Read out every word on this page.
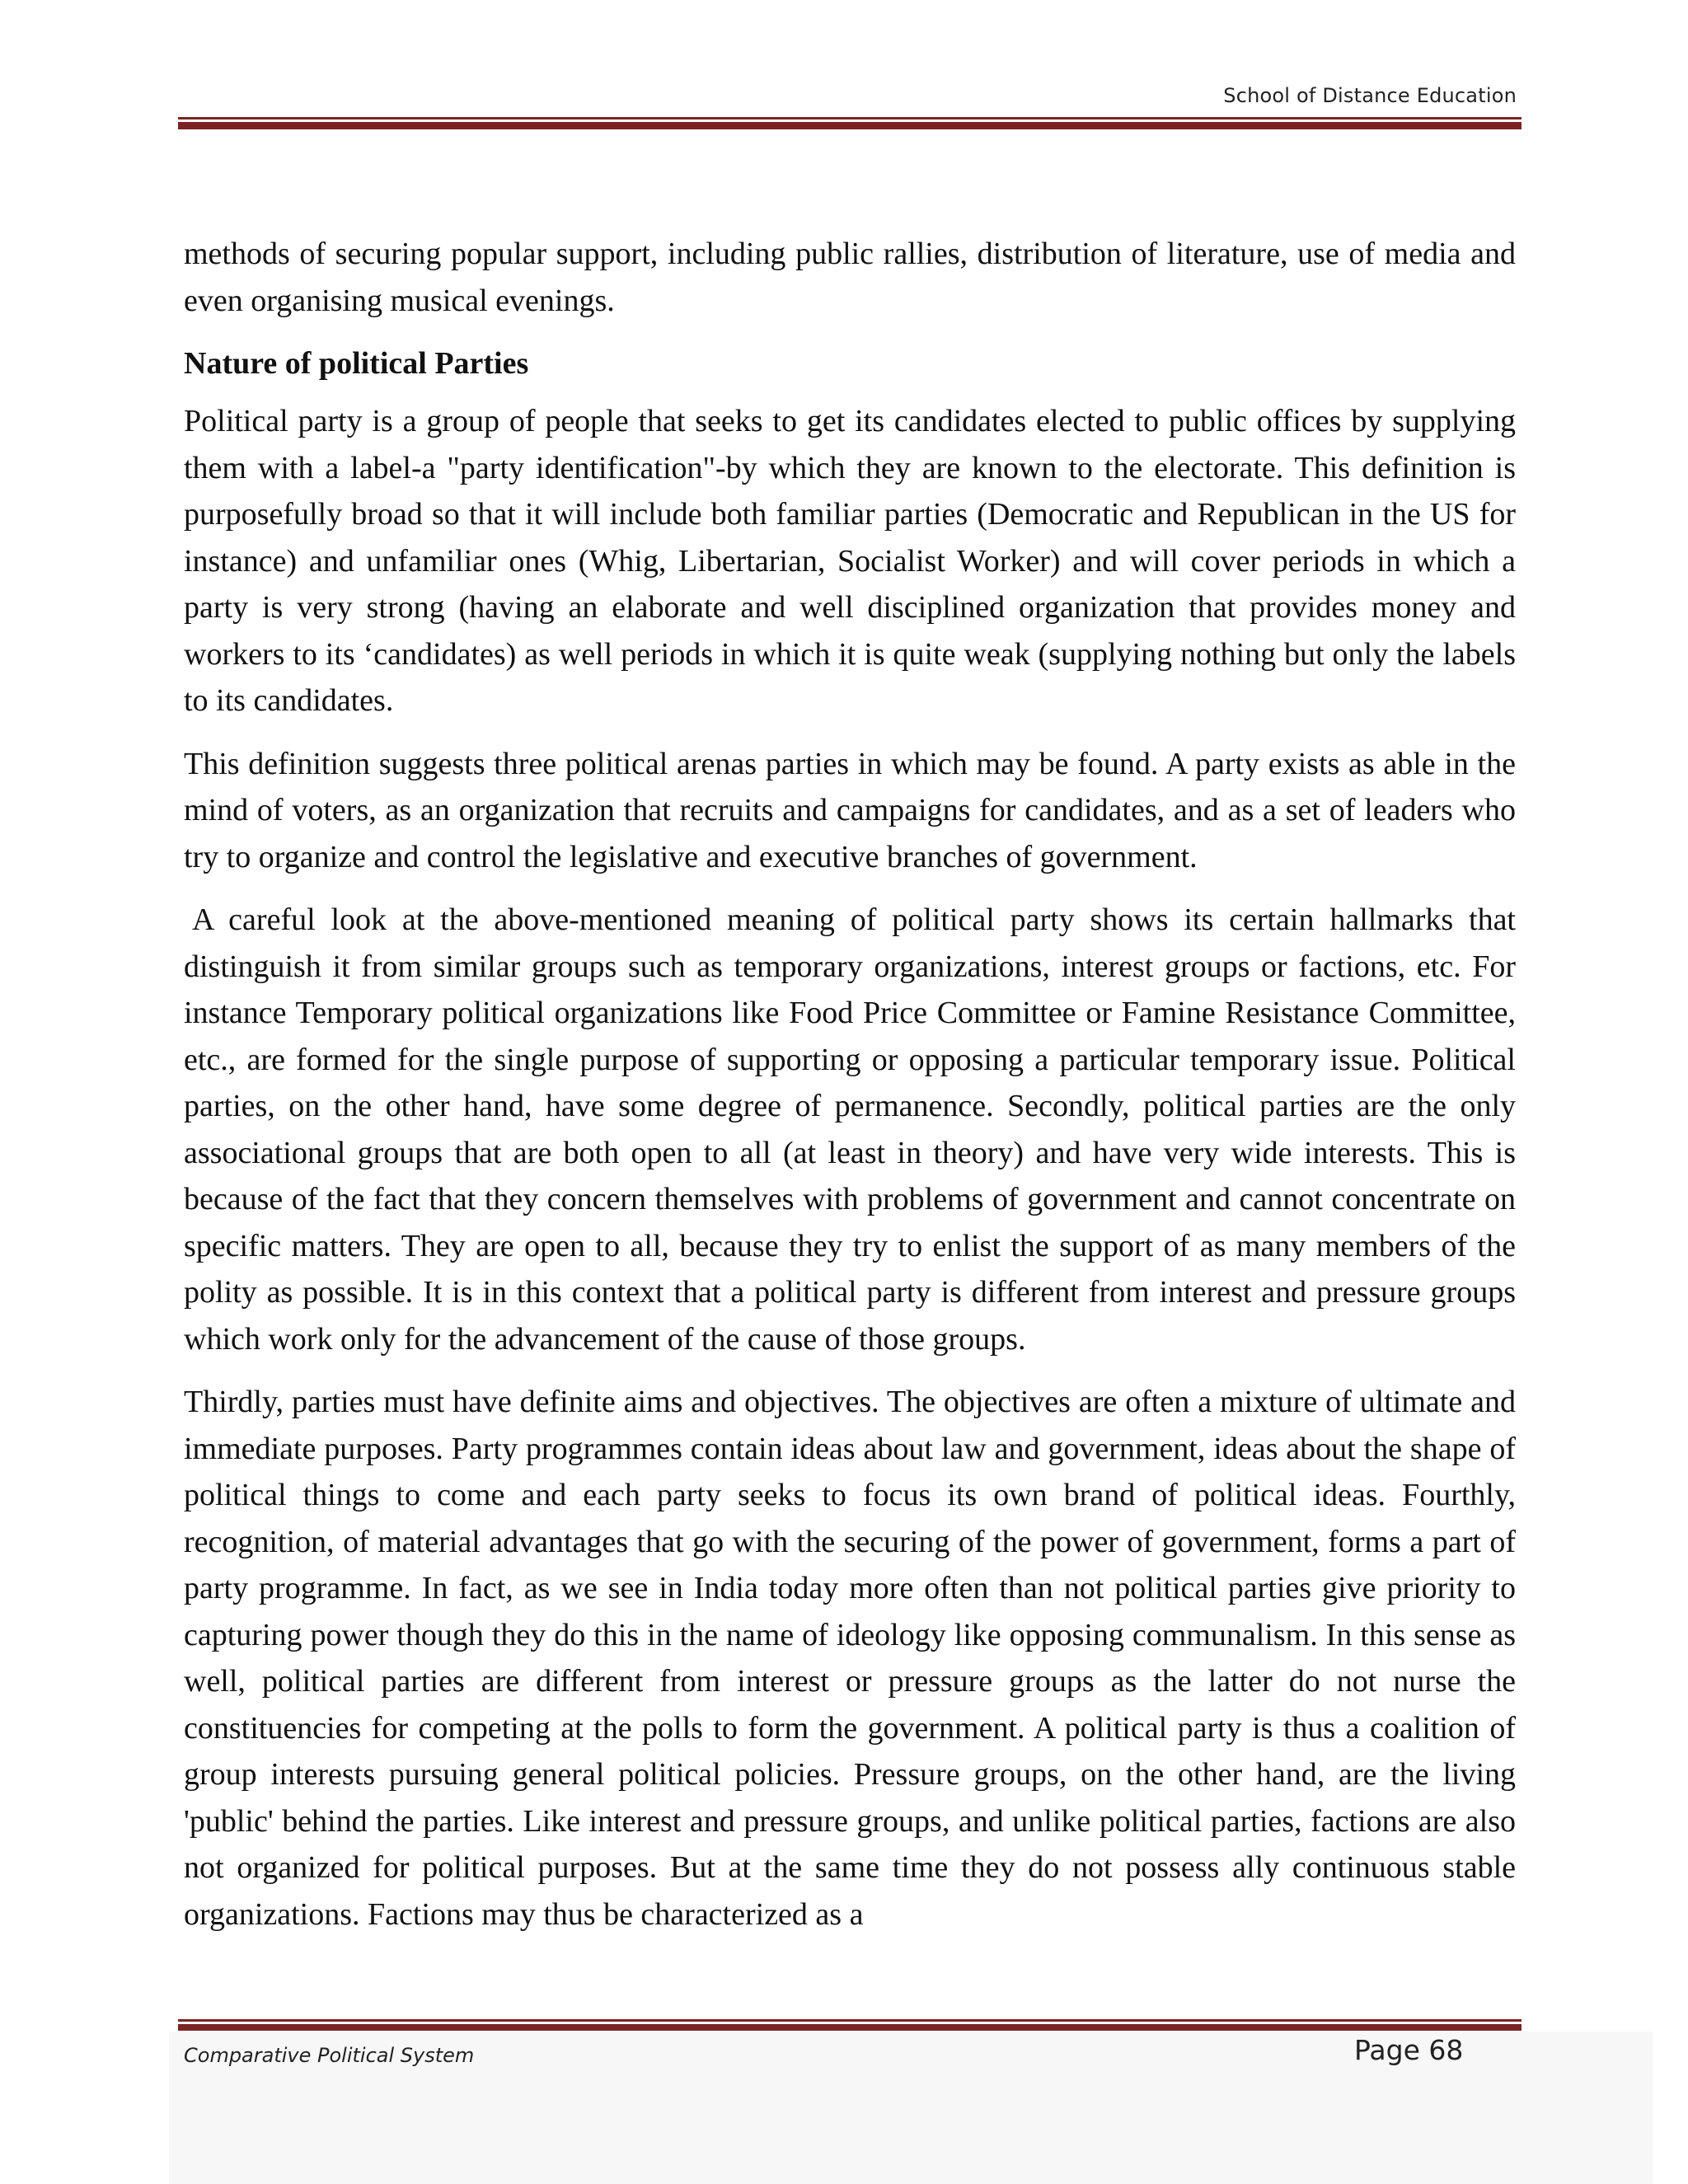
School of Distance Education

methods of securing popular support, including public rallies, distribution of literature, use of media and even organising musical evenings.

Nature of political Parties

Political party is a group of people that seeks to get its candidates elected to public offices by supplying them with a label-a "party identification"-by which they are known to the electorate. This definition is purposefully broad so that it will include both familiar parties (Democratic and Republican in the US for instance) and unfamiliar ones (Whig, Libertarian, Socialist Worker) and will cover periods in which a party is very strong (having an elaborate and well disciplined organization that provides money and workers to its ‘candidates) as well periods in which it is quite weak (supplying nothing but only the labels to its candidates.

This definition suggests three political arenas parties in which may be found. A party exists as able in the mind of voters, as an organization that recruits and campaigns for candidates, and as a set of leaders who try to organize and control the legislative and executive branches of government.

A careful look at the above-mentioned meaning of political party shows its certain hallmarks that distinguish it from similar groups such as temporary organizations, interest groups or factions, etc. For instance Temporary political organizations like Food Price Committee or Famine Resistance Committee, etc., are formed for the single purpose of supporting or opposing a particular temporary issue. Political parties, on the other hand, have some degree of permanence. Secondly, political parties are the only associational groups that are both open to all (at least in theory) and have very wide interests. This is because of the fact that they concern themselves with problems of government and cannot concentrate on specific matters. They are open to all, because they try to enlist the support of as many members of the polity as possible. It is in this context that a political party is different from interest and pressure groups which work only for the advancement of the cause of those groups.

Thirdly, parties must have definite aims and objectives. The objectives are often a mixture of ultimate and immediate purposes. Party programmes contain ideas about law and government, ideas about the shape of political things to come and each party seeks to focus its own brand of political ideas. Fourthly, recognition, of material advantages that go with the securing of the power of government, forms a part of party programme. In fact, as we see in India today more often than not political parties give priority to capturing power though they do this in the name of ideology like opposing communalism. In this sense as well, political parties are different from interest or pressure groups as the latter do not nurse the constituencies for competing at the polls to form the government. A political party is thus a coalition of group interests pursuing general political policies. Pressure groups, on the other hand, are the living 'public' behind the parties. Like interest and pressure groups, and unlike political parties, factions are also not organized for political purposes. But at the same time they do not possess ally continuous stable organizations. Factions may thus be characterized as a

Comparative Political System	Page 68
